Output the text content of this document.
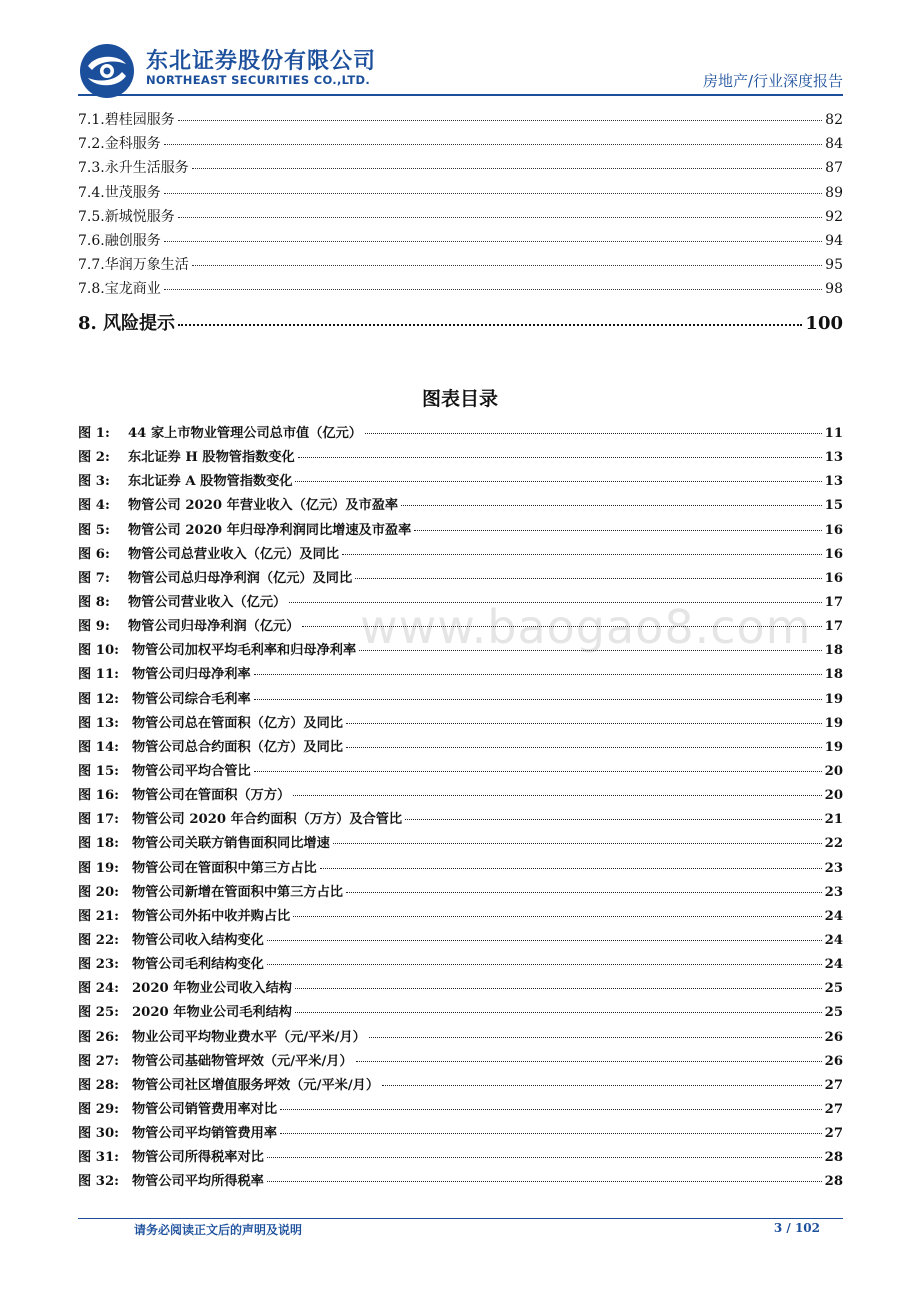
东北证券股份有限公司
NORTHEAST SECURITIES CO.,LTD.	房地产/行业深度报告
7.1.碧桂园服务	82
7.2.金科服务	84
7.3.永升生活服务	87
7.4.世茂服务	89
7.5.新城悦服务	92
7.6.融创服务	94
7.7.华润万象生活	95
7.8.宝龙商业	98
8. 风险提示	100
图表目录
www.baogao8.com
图 1:	44 家上市物业管理公司总市值（亿元）	11
图 2:	东北证券 H 股物管指数变化	13
图 3:	东北证券 A 股物管指数变化	13
图 4:	物管公司 2020 年营业收入（亿元）及市盈率	15
图 5:	物管公司 2020 年归母净利润同比增速及市盈率	16
图 6:	物管公司总营业收入（亿元）及同比	16
图 7:	物管公司总归母净利润（亿元）及同比	16
图 8:	物管公司营业收入（亿元）	17
图 9:	物管公司归母净利润（亿元）	17
图 10: 物管公司加权平均毛利率和归母净利率	18
图 11: 物管公司归母净利率	18
图 12: 物管公司综合毛利率	19
图 13: 物管公司总在管面积（亿方）及同比	19
图 14: 物管公司总合约面积（亿方）及同比	19
图 15: 物管公司平均合管比	20
图 16: 物管公司在管面积（万方）	20
图 17: 物管公司 2020 年合约面积（万方）及合管比	21
图 18: 物管公司关联方销售面积同比增速	22
图 19: 物管公司在管面积中第三方占比	23
图 20: 物管公司新增在管面积中第三方占比	23
图 21: 物管公司外拓中收并购占比	24
图 22: 物管公司收入结构变化	24
图 23: 物管公司毛利结构变化	24
图 24: 2020 年物业公司收入结构	25
图 25: 2020 年物业公司毛利结构	25
图 26: 物业公司平均物业费水平（元/平米/月）	26
图 27: 物管公司基础物管坪效（元/平米/月）	26
图 28: 物管公司社区增值服务坪效（元/平米/月）	27
图 29: 物管公司销管费用率对比	27
图 30: 物管公司平均销管费用率	27
图 31: 物管公司所得税率对比	28
图 32: 物管公司平均所得税率	28
请务必阅读正文后的声明及说明	3 / 102
